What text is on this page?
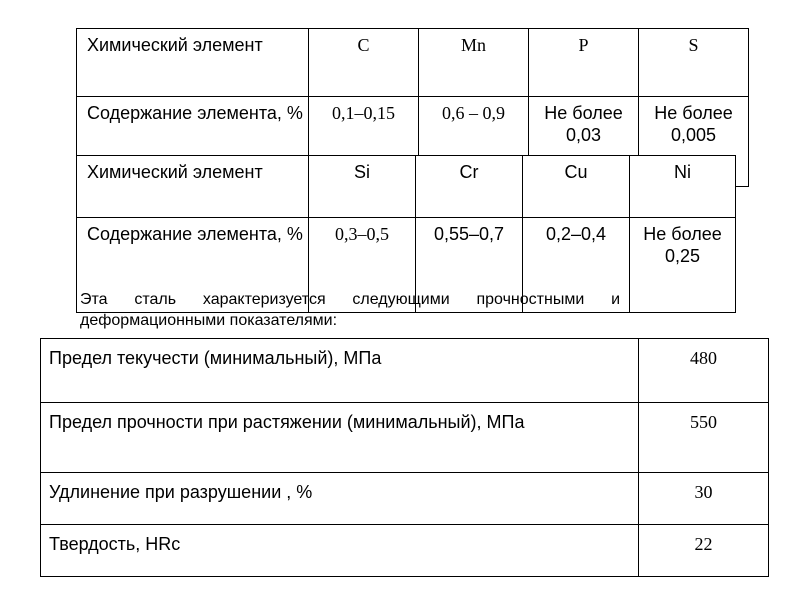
Химический элемент	C	Mn	P	S
Содержание элемента, %	0,1–0,15	0,6 – 0,9	Не более 0,03	Не более 0,005
Химический элемент	Si	Cr	Cu	Ni
Содержание элемента, %	0,3–0,5	0,55–0,7	0,2–0,4	Не более 0,25
Эта сталь характеризуется следующими прочностными и деформационными показателями:
Предел текучести (минимальный), МПа	480
Предел прочности при растяжении (минимальный), МПа	550
Удлинение при разрушении , %	30
Твердость, HRc	22
